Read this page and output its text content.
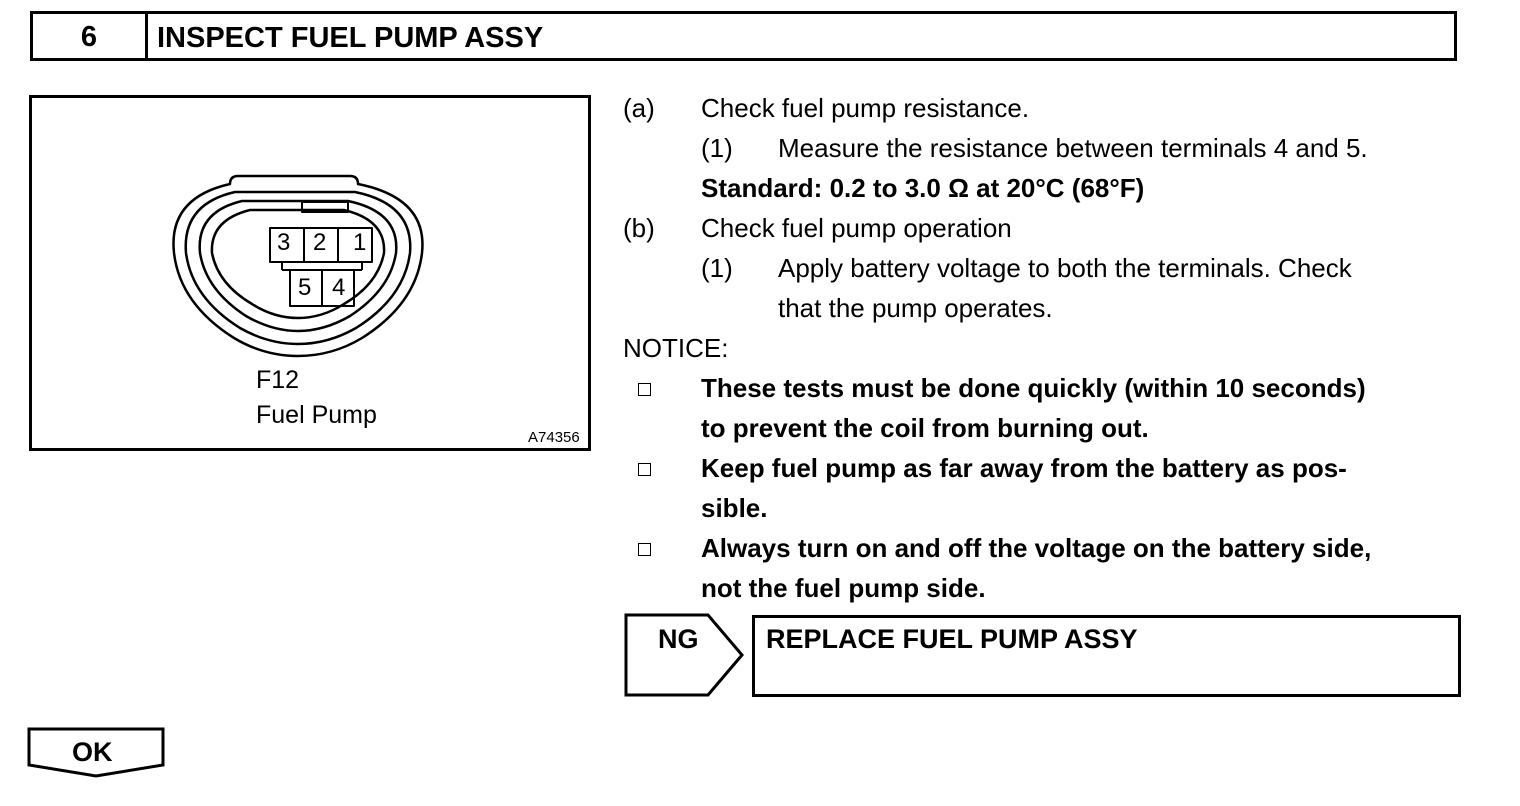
6	INSPECT FUEL PUMP ASSY
3 2 1
5 4
F12
Fuel Pump
A74356
(a) Check fuel pump resistance.
(1) Measure the resistance between terminals 4 and 5.
Standard: 0.2 to 3.0 Ω at 20°C (68°F)
(b) Check fuel pump operation
(1) Apply battery voltage to both the terminals. Check
that the pump operates.
NOTICE:
These tests must be done quickly (within 10 seconds)
to prevent the coil from burning out.
Keep fuel pump as far away from the battery as pos-
sible.
Always turn on and off the voltage on the battery side,
not the fuel pump side.
NG	REPLACE FUEL PUMP ASSY
OK
